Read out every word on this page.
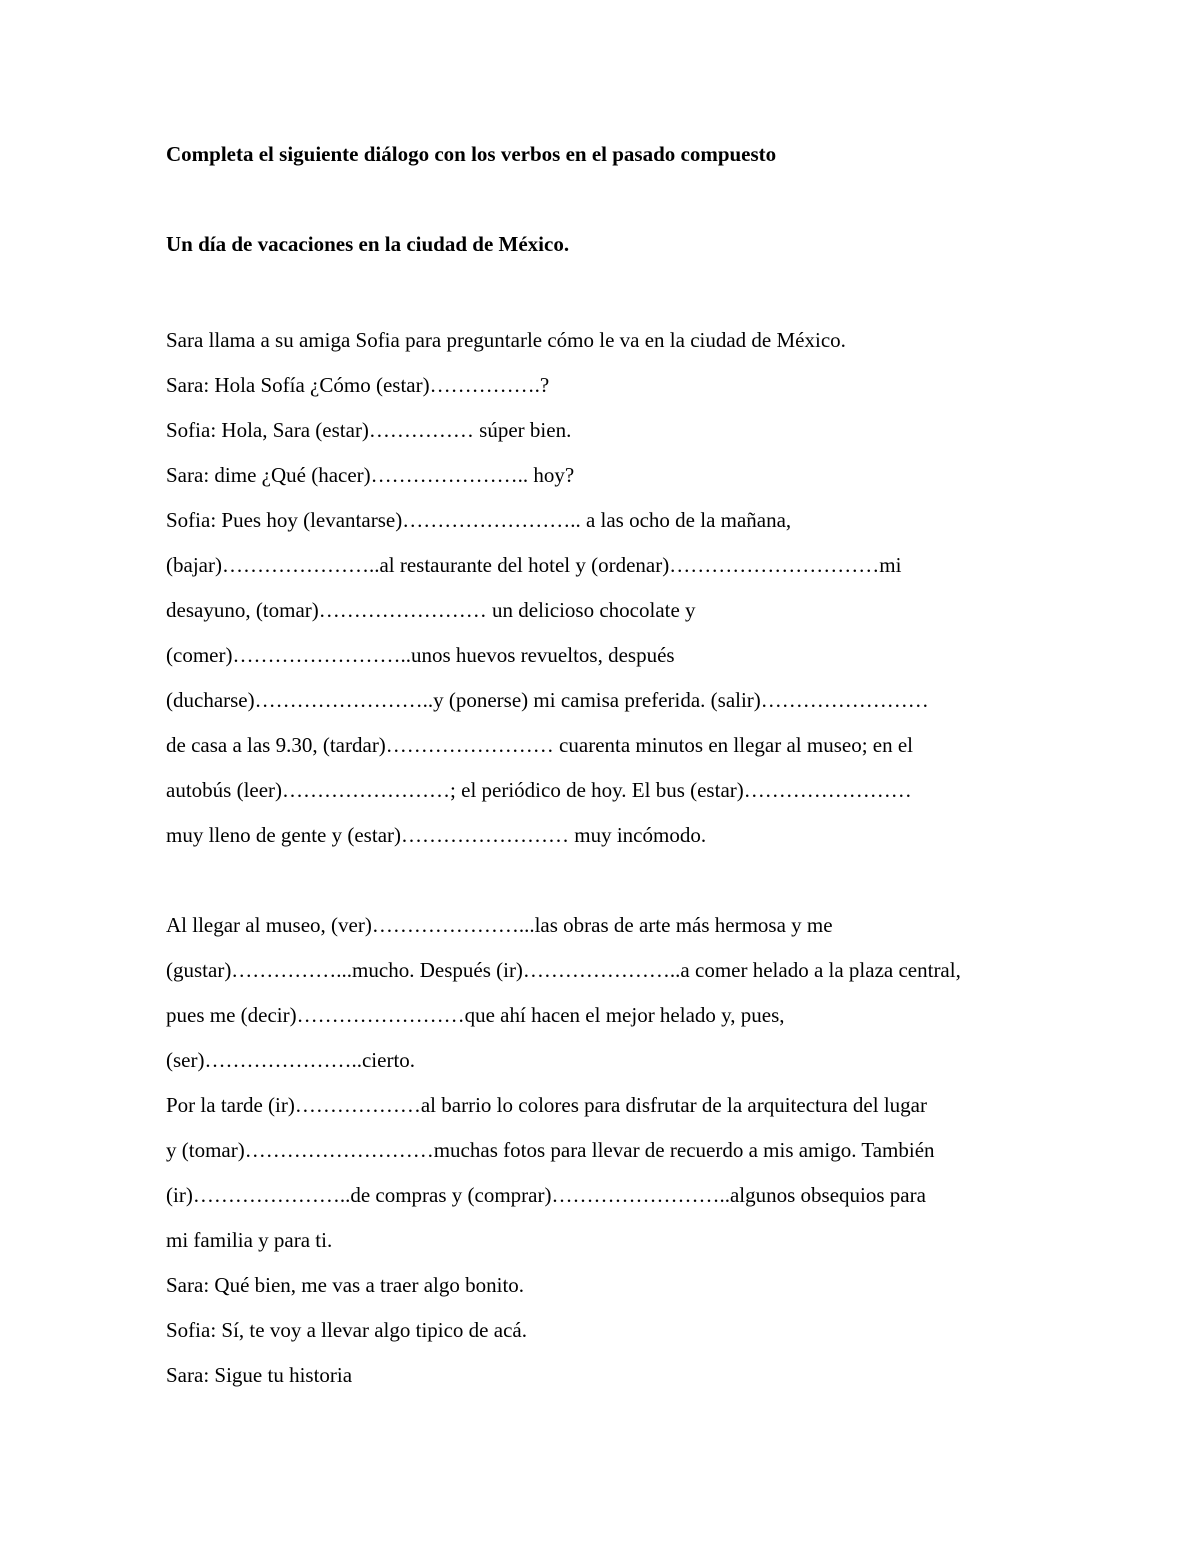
Completa el siguiente diálogo con los verbos en el pasado compuesto

Un día de vacaciones en la ciudad de México.

Sara llama a su amiga Sofia para preguntarle cómo le va en la ciudad de México.

Sara: Hola Sofía ¿Cómo (estar)…………….?

Sofia: Hola, Sara (estar)…………… súper bien.

Sara: dime ¿Qué (hacer)………………….. hoy?

Sofia: Pues hoy (levantarse)…………………….. a las ocho de la mañana,

(bajar)…………………..al restaurante del hotel y (ordenar)…………………………mi

desayuno, (tomar)…………………… un delicioso chocolate y

(comer)……………………..unos huevos revueltos, después

(ducharse)……………………..y (ponerse) mi camisa preferida. (salir)……………………

de casa a las 9.30, (tardar)…………………… cuarenta minutos en llegar al museo; en el

autobús (leer)……………………; el periódico de hoy. El bus (estar)……………………

muy lleno de gente y (estar)…………………… muy incómodo.

Al llegar al museo, (ver)…………………...las obras de arte más hermosa y me

(gustar)……………...mucho. Después (ir)…………………..a comer helado a la plaza central,

pues me (decir)……………………que ahí hacen el mejor helado y, pues,

(ser)…………………..cierto.

Por la tarde (ir)………………al barrio lo colores para disfrutar de la arquitectura del lugar

y (tomar)………………………muchas fotos para llevar de recuerdo a mis amigo. También

(ir)…………………..de compras y (comprar)……………………..algunos obsequios para

mi familia y para ti.

Sara: Qué bien, me vas a traer algo bonito.

Sofia: Sí, te voy a llevar algo tipico de acá.

Sara: Sigue tu historia
